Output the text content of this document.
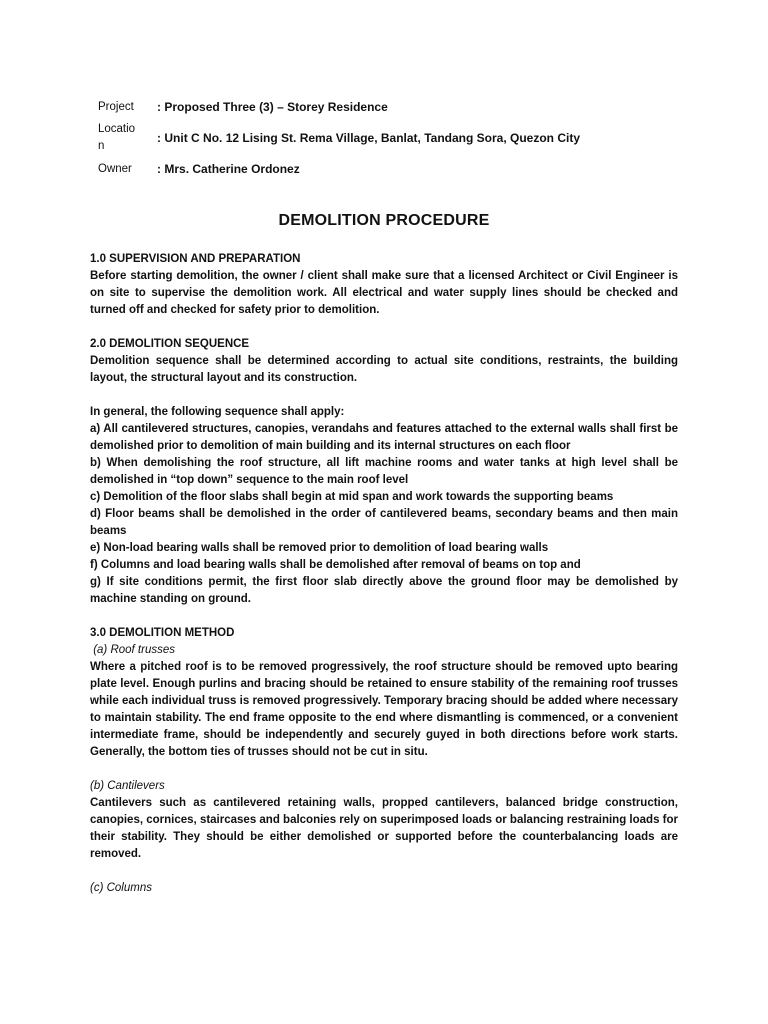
Project	: Proposed Three (3) – Storey Residence
Locatio
n	: Unit C No. 12 Lising St. Rema Village, Banlat, Tandang Sora, Quezon City
Owner	: Mrs. Catherine Ordonez
DEMOLITION PROCEDURE

1.0 SUPERVISION AND PREPARATION

Before starting demolition, the owner / client shall make sure that a licensed Architect or Civil Engineer is on site to supervise the demolition work. All electrical and water supply lines should be checked and turned off and checked for safety prior to demolition.

2.0 DEMOLITION SEQUENCE

Demolition sequence shall be determined according to actual site conditions, restraints, the building layout, the structural layout and its construction.

In general, the following sequence shall apply:

a) All cantilevered structures, canopies, verandahs and features attached to the external walls shall first be demolished prior to demolition of main building and its internal structures on each floor

b) When demolishing the roof structure, all lift machine rooms and water tanks at high level shall be demolished in “top down” sequence to the main roof level

c) Demolition of the floor slabs shall begin at mid span and work towards the supporting beams

d) Floor beams shall be demolished in the order of cantilevered beams, secondary beams and then main beams

e) Non-load bearing walls shall be removed prior to demolition of load bearing walls

f) Columns and load bearing walls shall be demolished after removal of beams on top and

g) If site conditions permit, the first floor slab directly above the ground floor may be demolished by machine standing on ground.

3.0 DEMOLITION METHOD

(a) Roof trusses

Where a pitched roof is to be removed progressively, the roof structure should be removed upto bearing plate level. Enough purlins and bracing should be retained to ensure stability of the remaining roof trusses while each individual truss is removed progressively. Temporary bracing should be added where necessary to maintain stability. The end frame opposite to the end where dismantling is commenced, or a convenient intermediate frame, should be independently and securely guyed in both directions before work starts. Generally, the bottom ties of trusses should not be cut in situ.

(b) Cantilevers

Cantilevers such as cantilevered retaining walls, propped cantilevers, balanced bridge construction, canopies, cornices, staircases and balconies rely on superimposed loads or balancing restraining loads for their stability. They should be either demolished or supported before the counterbalancing loads are removed.

(c) Columns
